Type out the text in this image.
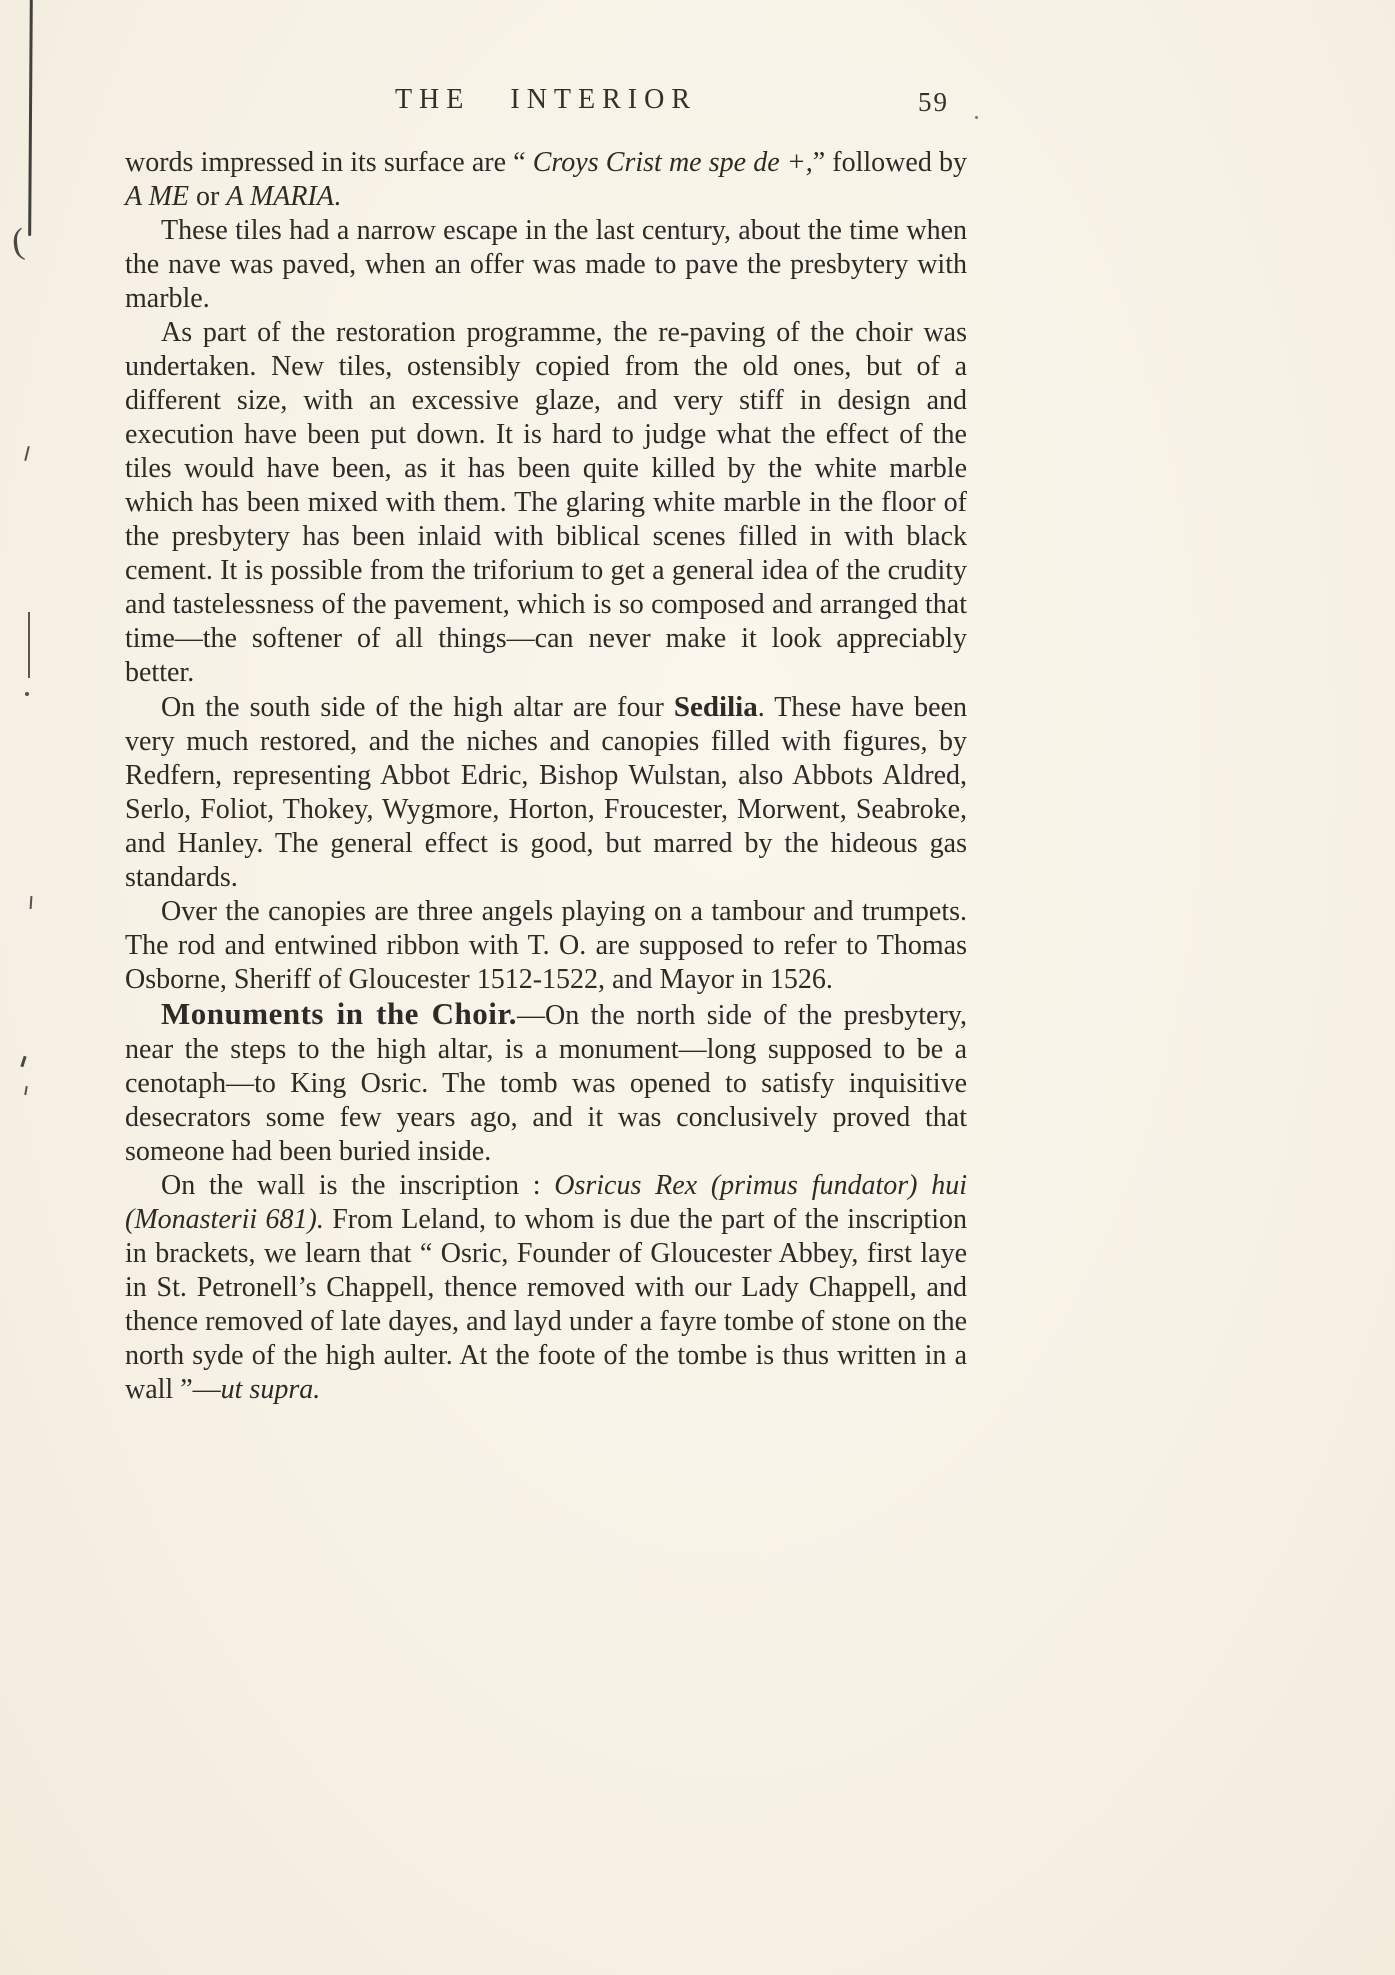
(
THE INTERIOR	59

words impressed in its surface are “ Croys Crist me spe de +,” followed by A ME or A MARIA.

These tiles had a narrow escape in the last century, about the time when the nave was paved, when an offer was made to pave the presbytery with marble.

As part of the restoration programme, the re-paving of the choir was undertaken. New tiles, ostensibly copied from the old ones, but of a different size, with an excessive glaze, and very stiff in design and execution have been put down. It is hard to judge what the effect of the tiles would have been, as it has been quite killed by the white marble which has been mixed with them. The glaring white marble in the floor of the presbytery has been inlaid with biblical scenes filled in with black cement. It is possible from the triforium to get a general idea of the crudity and tastelessness of the pavement, which is so composed and arranged that time—the softener of all things—can never make it look appreciably better.

On the south side of the high altar are four Sedilia. These have been very much restored, and the niches and canopies filled with figures, by Redfern, representing Abbot Edric, Bishop Wulstan, also Abbots Aldred, Serlo, Foliot, Thokey, Wygmore, Horton, Froucester, Morwent, Seabroke, and Hanley. The general effect is good, but marred by the hideous gas standards.

Over the canopies are three angels playing on a tambour and trumpets. The rod and entwined ribbon with T. O. are supposed to refer to Thomas Osborne, Sheriff of Gloucester 1512-1522, and Mayor in 1526.

Monuments in the Choir.—On the north side of the presbytery, near the steps to the high altar, is a monument—long supposed to be a cenotaph—to King Osric. The tomb was opened to satisfy inquisitive desecrators some few years ago, and it was conclusively proved that someone had been buried inside.

On the wall is the inscription : Osricus Rex (primus fundator) hui (Monasterii 681). From Leland, to whom is due the part of the inscription in brackets, we learn that “ Osric, Founder of Gloucester Abbey, first laye in St. Petronell’s Chappell, thence removed with our Lady Chappell, and thence removed of late dayes, and layd under a fayre tombe of stone on the north syde of the high aulter. At the foote of the tombe is thus written in a wall ”—ut supra.
